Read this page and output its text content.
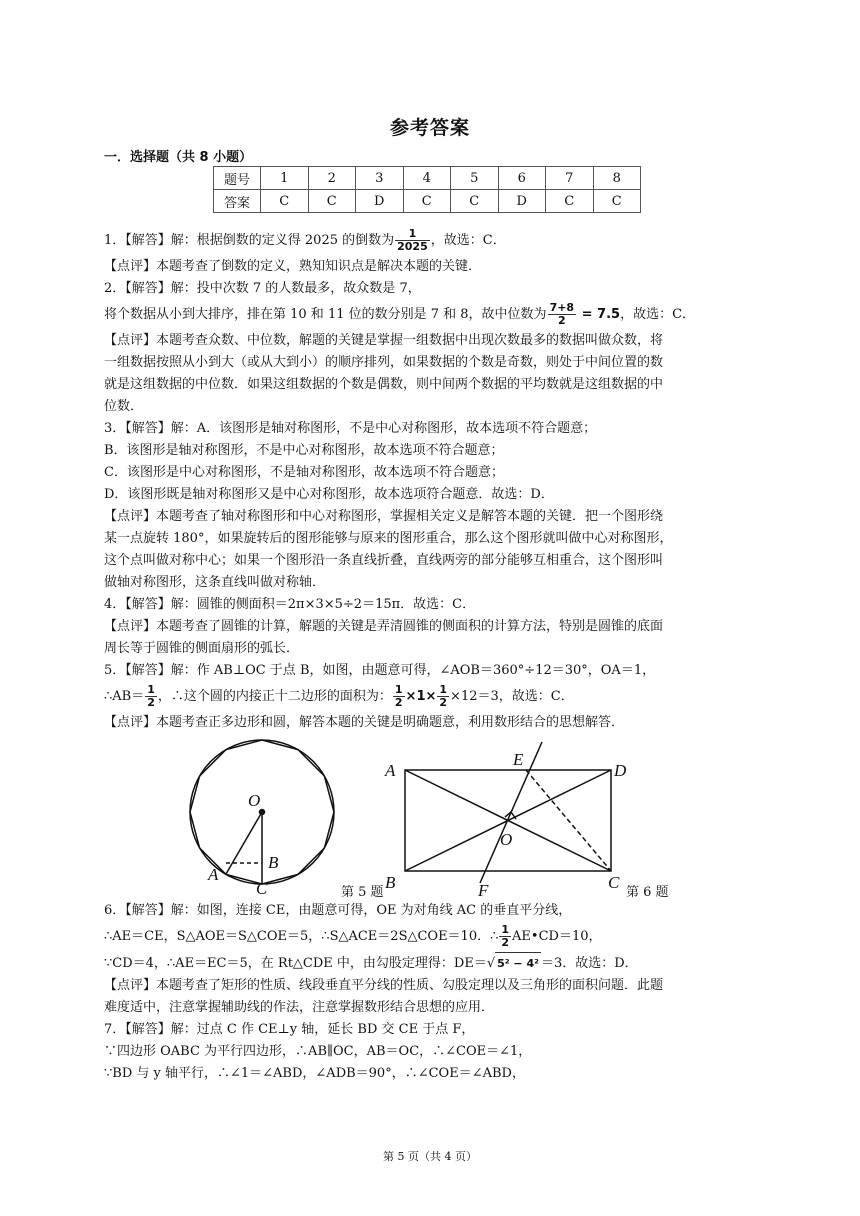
参考答案
一．选择题（共 8 小题）
题号	1	2	3	4	5	6	7	8
答案	C	C	D	C	C	D	C	C

1．【解答】解：根据倒数的定义得 2025 的倒数为 $\frac{1}{2025}$ ，故选：C．

【点评】本题考查了倒数的定义，熟知知识点是解决本题的关键．

2．【解答】解：投中次数 7 的人数最多，故众数是 7，

将个数据从小到大排序，排在第 10 和 11 位的数分别是 7 和 8，故中位数为 $\frac{7+8}{2} = 7.5$，故选：C．

【点评】本题考查众数、中位数，解题的关键是掌握一组数据中出现次数最多的数据叫做众数，将

一组数据按照从小到大（或从大到小）的顺序排列，如果数据的个数是奇数，则处于中间位置的数

就是这组数据的中位数．如果这组数据的个数是偶数，则中间两个数据的平均数就是这组数据的中

位数．

3．【解答】解：A．该图形是轴对称图形，不是中心对称图形，故本选项不符合题意；

B．该图形是轴对称图形，不是中心对称图形，故本选项不符合题意；

C．该图形是中心对称图形，不是轴对称图形，故本选项不符合题意；

D．该图形既是轴对称图形又是中心对称图形，故本选项符合题意．故选：D．

【点评】本题考查了轴对称图形和中心对称图形，掌握相关定义是解答本题的关键．把一个图形绕

某一点旋转 180°，如果旋转后的图形能够与原来的图形重合，那么这个图形就叫做中心对称图形，

这个点叫做对称中心；如果一个图形沿一条直线折叠，直线两旁的部分能够互相重合，这个图形叫

做轴对称图形，这条直线叫做对称轴．

4．【解答】解：圆锥的侧面积＝2π×3×5÷2＝15π．故选：C．

【点评】本题考查了圆锥的计算，解题的关键是弄清圆锥的侧面积的计算方法，特别是圆锥的底面

周长等于圆锥的侧面扇形的弧长．

5．【解答】解：作 AB⊥OC 于点 B，如图，由题意可得，∠AOB＝360°÷12＝30°，OA＝1，

∴AB＝ $\frac{1}{2}$ ，∴这个圆的内接正十二边形的面积为： $\frac{1}{2} \times 1\times \frac{1}{2} \times 12=3$，故选：C．

【点评】本题考查正多边形和圆，解答本题的关键是明确题意，利用数形结合的思想解答．

O
A
B
C
A
E
D
O
B	F	C
第 5 题	第 6 题

6．【解答】解：如图，连接 CE，由题意可得，OE 为对角线 AC 的垂直平分线，

∴AE＝CE，S△AOE＝S△COE＝5，∴S△ACE＝2S△COE＝10．∴ $\frac{1}{2}$ AE•CD＝10，

∵CD＝4，∴AE＝EC＝5，在 Rt△CDE 中，由勾股定理得：DE＝√ 5² − 4² ＝3．故选：D．

【点评】本题考查了矩形的性质、线段垂直平分线的性质、勾股定理以及三角形的面积问题．此题

难度适中，注意掌握辅助线的作法，注意掌握数形结合思想的应用．

7．【解答】解：过点 C 作 CE⊥y 轴，延长 BD 交 CE 于点 F，

∵四边形 OABC 为平行四边形，∴AB∥OC，AB＝OC，∴∠COE＝∠1，

∵BD 与 y 轴平行，∴∠1＝∠ABD，∠ADB＝90°，∴∠COE＝∠ABD，

第 5 页（共 4 页）
